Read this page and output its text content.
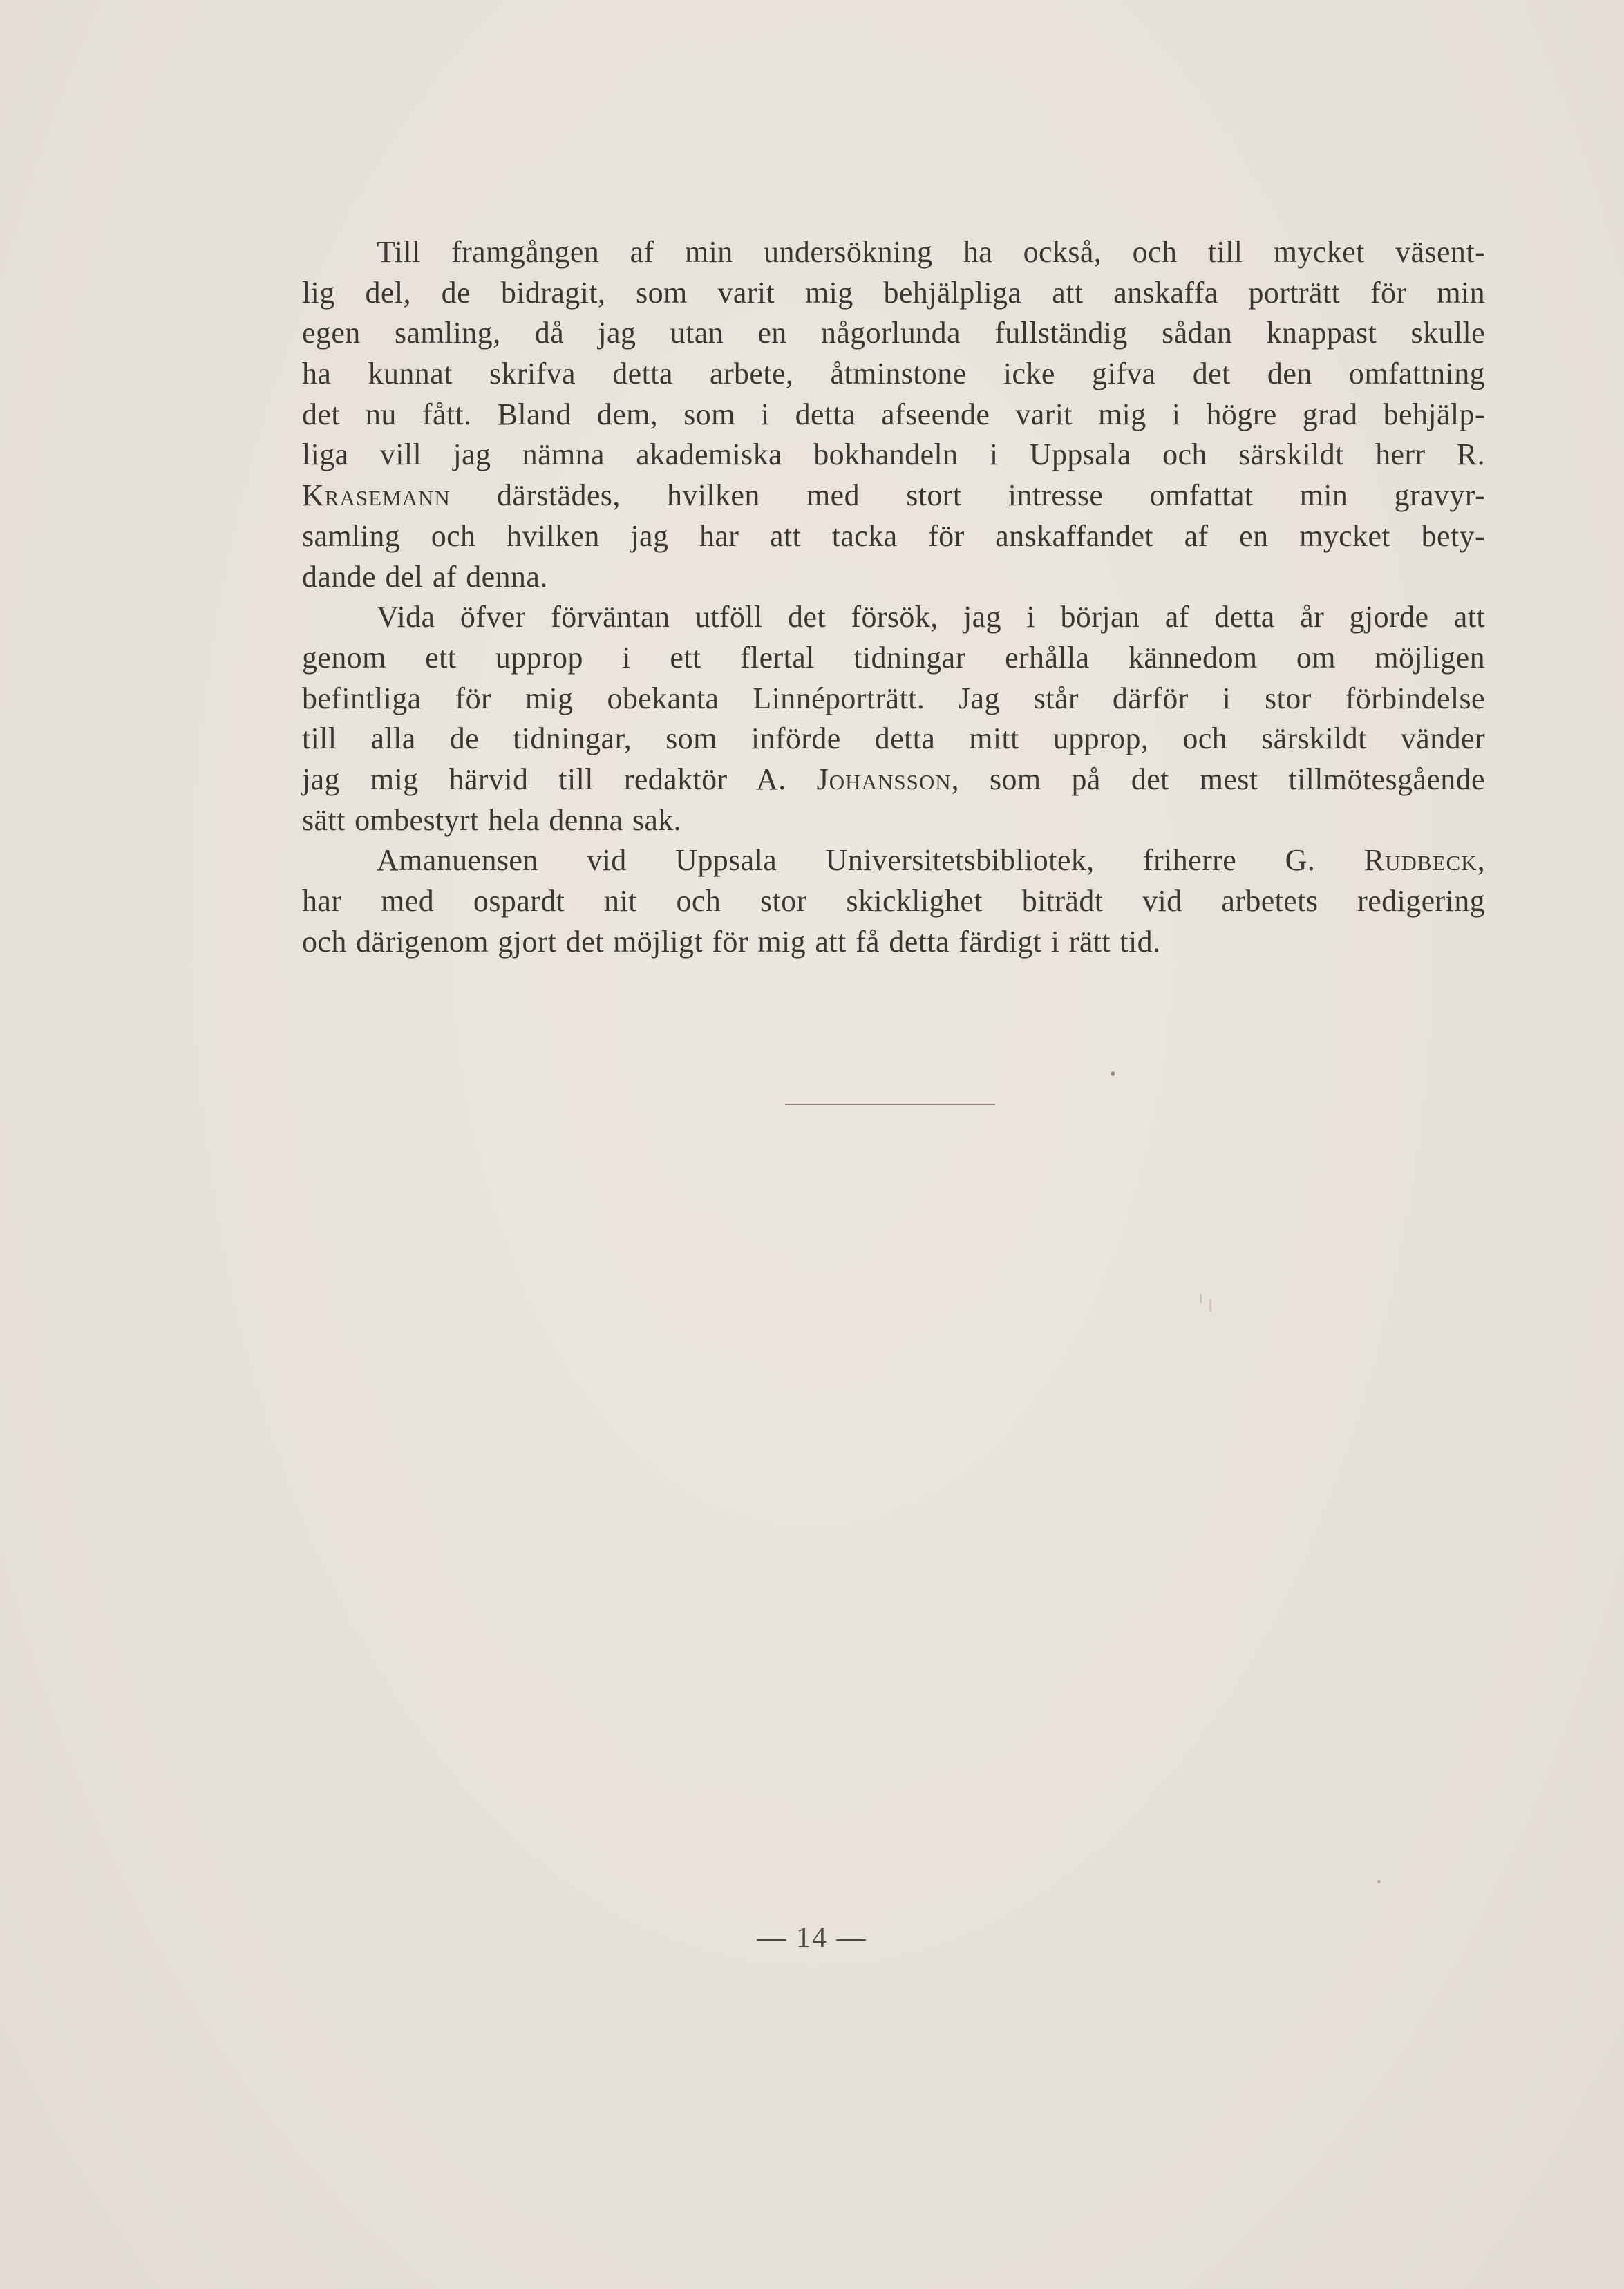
Till framgången af min undersökning ha också, och till mycket väsent-
lig del, de bidragit, som varit mig behjälpliga att anskaffa porträtt för min
egen samling, då jag utan en någorlunda fullständig sådan knappast skulle
ha kunnat skrifva detta arbete, åtminstone icke gifva det den omfattning
det nu fått. Bland dem, som i detta afseende varit mig i högre grad behjälp-
liga vill jag nämna akademiska bokhandeln i Uppsala och särskildt herr R.
Krasemann därstädes, hvilken med stort intresse omfattat min gravyr-
samling och hvilken jag har att tacka för anskaffandet af en mycket bety-
dande del af denna.
Vida öfver förväntan utföll det försök, jag i början af detta år gjorde att
genom ett upprop i ett flertal tidningar erhålla kännedom om möjligen
befintliga för mig obekanta Linnéporträtt. Jag står därför i stor förbindelse
till alla de tidningar, som införde detta mitt upprop, och särskildt vänder
jag mig härvid till redaktör A. Johansson, som på det mest tillmötesgående
sätt ombestyrt hela denna sak.
Amanuensen vid Uppsala Universitetsbibliotek, friherre G. Rudbeck,
har med ospardt nit och stor skicklighet biträdt vid arbetets redigering
och därigenom gjort det möjligt för mig att få detta färdigt i rätt tid.
— 14 —
